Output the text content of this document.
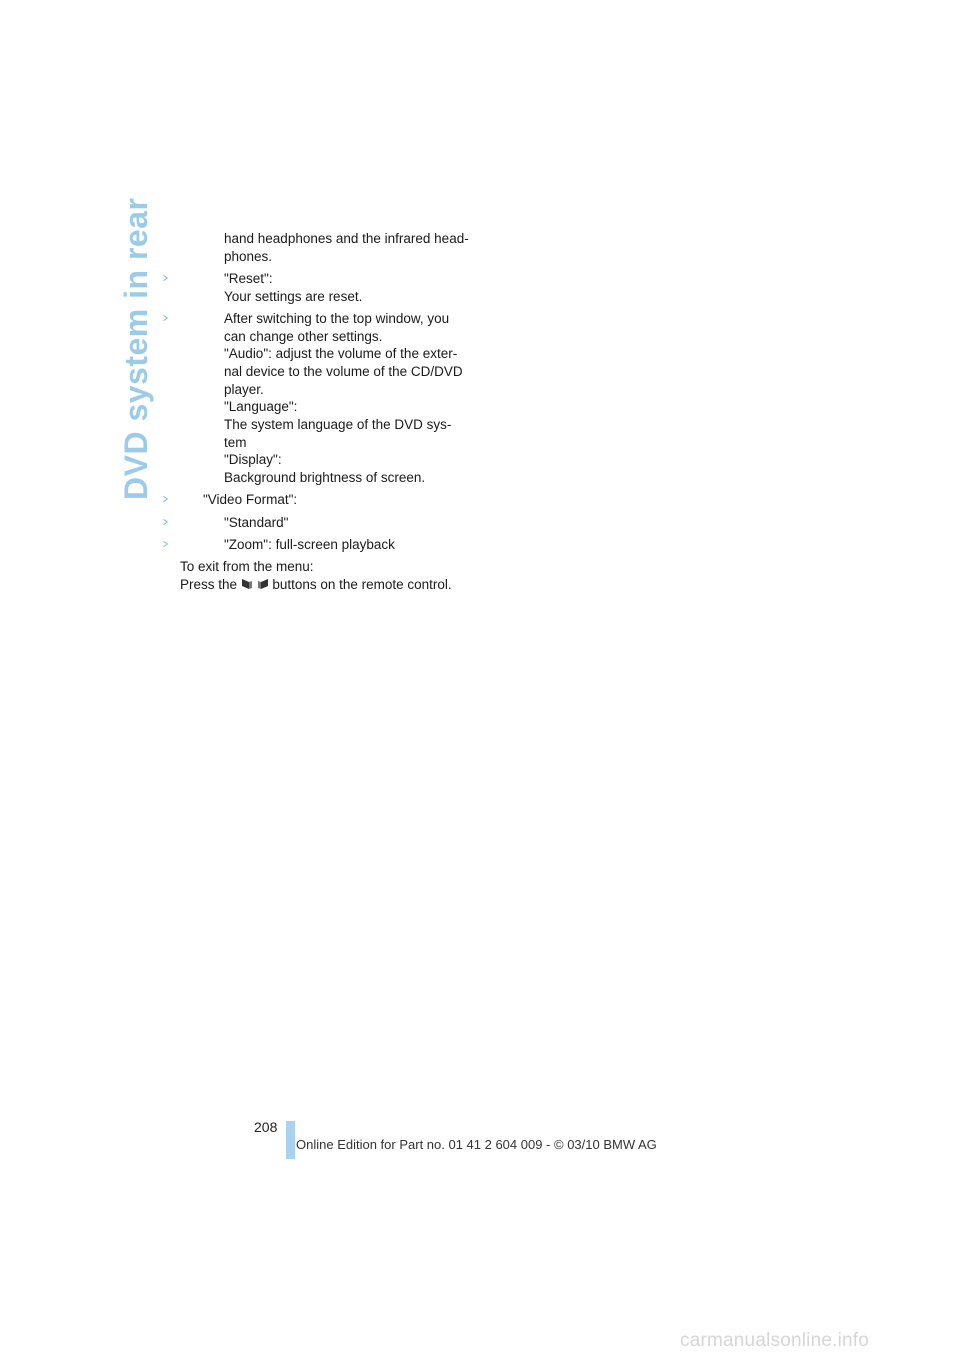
DVD system in rear	hand headphones and the infrared head-

phones.

>	"Reset":

Your settings are reset.

>	After switching to the top window, you

can change other settings.

"Audio": adjust the volume of the exter-

nal device to the volume of the CD/DVD

player.

"Language":

The system language of the DVD sys-

tem

"Display":

Background brightness of screen.

>	"Video Format":

>	"Standard"

>	"Zoom": full-screen playback

To exit from the menu:

Press the	buttons on the remote control.

208
Online Edition for Part no. 01 41 2 604 009 - © 03/10 BMW AG
carmanualsonline.info
